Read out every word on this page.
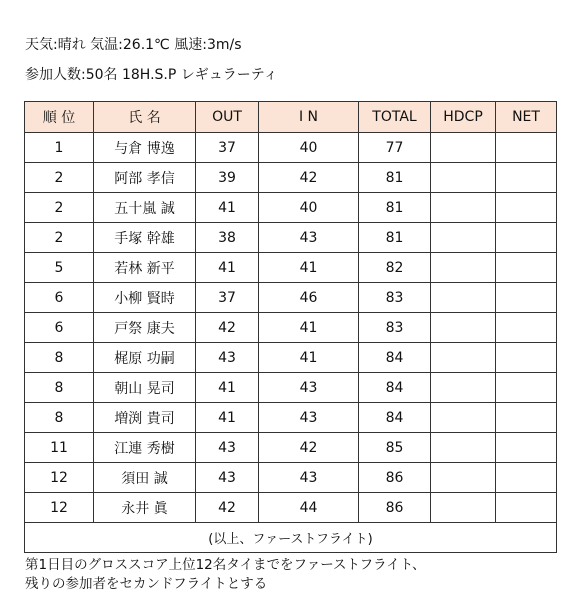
天気:晴れ 気温:26.1℃ 風速:3m/s
参加人数:50名 18H.S.P レギュラーティ
順 位	氏 名	OUT	I N	TOTAL	HDCP	NET
1	与倉 博逸	37	40	77		
2	阿部 孝信	39	42	81		
2	五十嵐 誠	41	40	81		
2	手塚 幹雄	38	43	81		
5	若林 新平	41	41	82		
6	小柳 賢時	37	46	83		
6	戸祭 康夫	42	41	83		
8	梶原 功嗣	43	41	84		
8	朝山 晃司	41	43	84		
8	増渕 貴司	41	43	84		
11	江連 秀樹	43	42	85		
12	須田 誠	43	43	86		
12	永井 眞	42	44	86		
(以上、ファーストフライト)						
第1日目のグロススコア上位12名タイまでをファーストフライト、
残りの参加者をセカンドフライトとする
